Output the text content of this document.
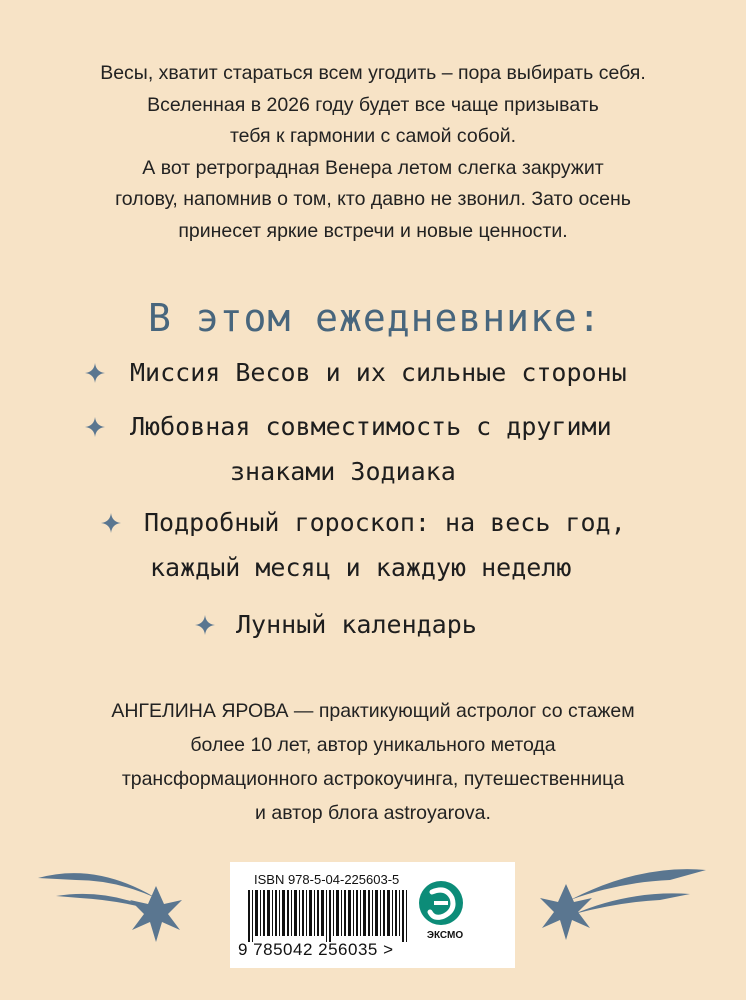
Весы, хватит стараться всем угодить – пора выбирать себя.
Вселенная в 2026 году будет все чаще призывать
тебя к гармонии с самой собой.
А вот ретроградная Венера летом слегка закружит
голову, напомнив о том, кто давно не звонил. Зато осень
принесет яркие встречи и новые ценности.
В этом ежедневнике:
Миссия Весов и их сильные стороны
Любовная совместимость с другими
знаками Зодиака
Подробный гороскоп: на весь год,
каждый месяц и каждую неделю
Лунный календарь
АНГЕЛИНА ЯРОВА — практикующий астролог со стажем
более 10 лет, автор уникального метода
трансформационного астрокоучинга, путешественница
и автор блога astroyarova.
ISBN 978-5-04-225603-5
9 785042 256035 >
ЭКСМО
